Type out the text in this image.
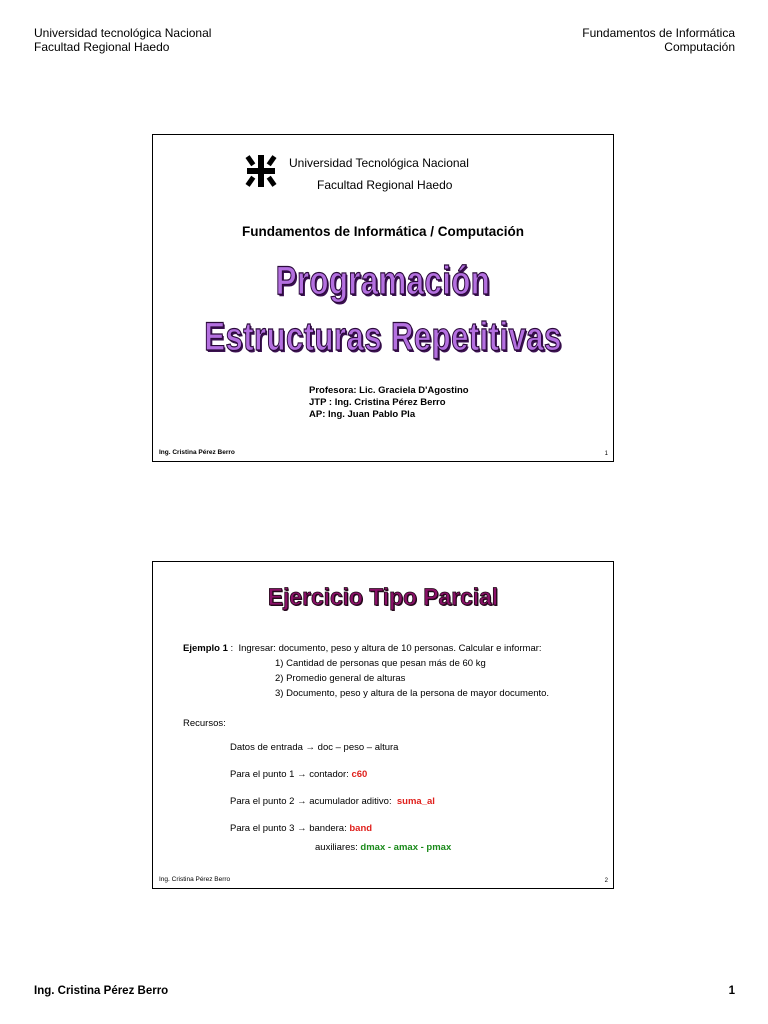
Universidad tecnológica Nacional
Facultad Regional Haedo
Fundamentos de Informática
Computación
Universidad Tecnológica Nacional
Facultad Regional Haedo
Fundamentos de Informática / Computación
Programación
Estructuras Repetitivas
Profesora: Lic. Graciela D'Agostino
JTP : Ing. Cristina Pérez Berro
AP: Ing. Juan Pablo Pla
Ing. Cristina Pérez Berro	1
Ejercicio Tipo Parcial
Ejemplo 1 :  Ingresar: documento, peso y altura de 10 personas. Calcular e informar:
1) Cantidad de personas que pesan más de 60 kg
2) Promedio general de alturas
3) Documento, peso y altura de la persona de mayor documento.
Recursos:
Datos de entrada → doc – peso – altura
Para el punto 1 → contador: c60
Para el punto 2 → acumulador aditivo:  suma_al
Para el punto 3 → bandera: band
auxiliares: dmax - amax - pmax
Ing. Cristina Pérez Berro	2
Ing. Cristina Pérez Berro	1
